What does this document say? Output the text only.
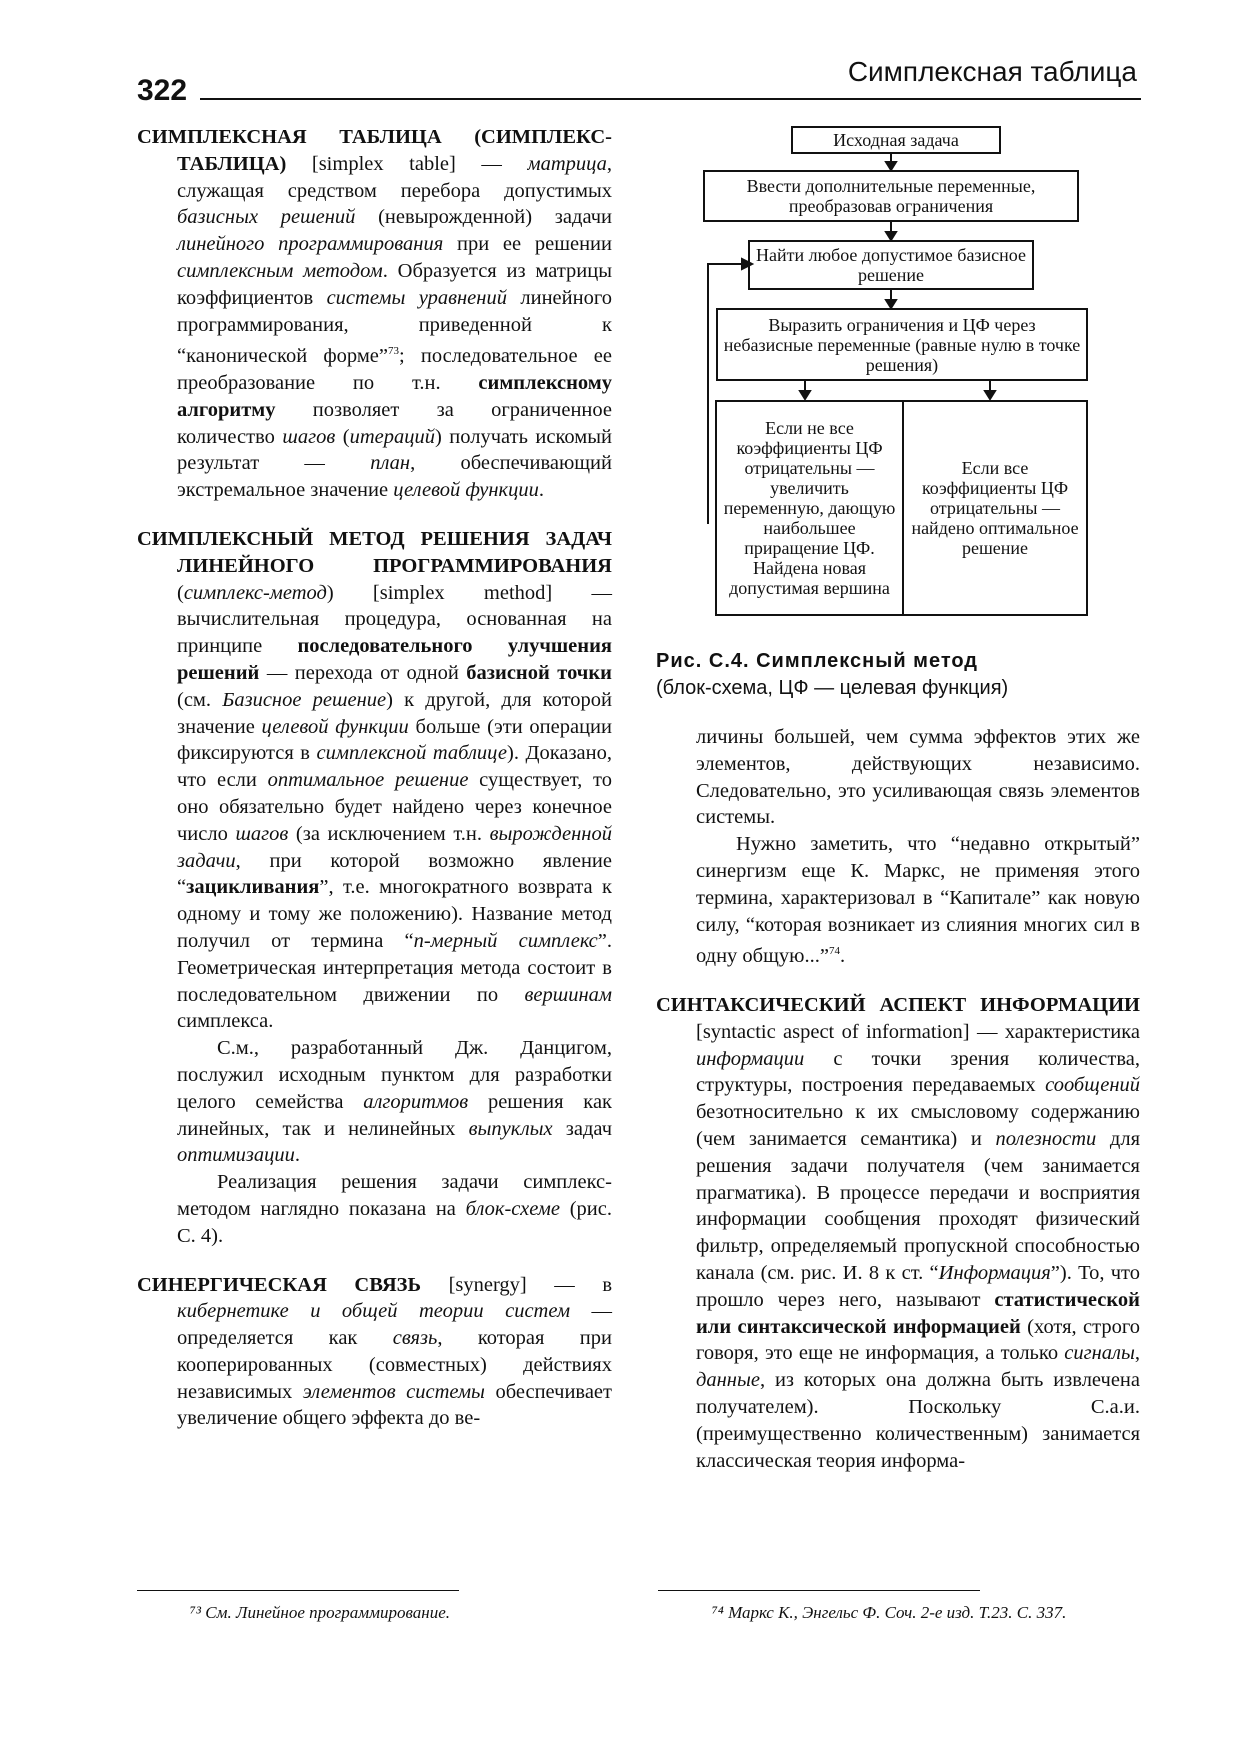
322
Симплексная таблица

СИМПЛЕКСНАЯ ТАБЛИЦА (СИМПЛЕКС-ТАБЛИЦА) [simplex table] — матрица, служащая средством перебора допустимых базисных решений (невырожденной) задачи линейного программирования при ее решении симплексным методом. Образуется из матрицы коэффициентов системы уравнений линейного программирования, приведенной к “канонической форме”$^{73}$; последовательное ее преобразование по т.н. симплексному алгоритму позволяет за ограниченное количество шагов (итераций) получать искомый результат — план, обеспечивающий экстремальное значение целевой функции.

СИМПЛЕКСНЫЙ МЕТОД РЕШЕНИЯ ЗАДАЧ ЛИНЕЙНОГО ПРОГРАММИРОВАНИЯ (симплекс-метод) [simplex method] — вычислительная процедура, основанная на принципе последовательного улучшения решений — перехода от одной базисной точки (см. Базисное решение) к другой, для которой значение целевой функции больше (эти операции фиксируются в симплексной таблице). Доказано, что если оптимальное решение существует, то оно обязательно будет найдено через конечное число шагов (за исключением т.н. вырожденной задачи, при которой возможно явление “зацикливания”, т.е. многократного возврата к одному и тому же положению). Название метод получил от термина “n-мерный симплекс”. Геометрическая интерпретация метода состоит в последовательном движении по вершинам симплекса.

С.м., разработанный Дж. Данцигом, послужил исходным пунктом для разработки целого семейства алгоритмов решения как линейных, так и нелинейных выпуклых задач оптимизации.

Реализация решения задачи симплекс-методом наглядно показана на блок-схеме (рис. С. 4).

СИНЕРГИЧЕСКАЯ СВЯЗЬ [synergy] — в кибернетике и общей теории систем — определяется как связь, которая при кооперированных (совместных) действиях независимых элементов системы обеспечивает увеличение общего эффекта до ве-

⁷³ См. Линейное программирование.
Исходная задача
Ввести дополнительные переменные, преобразовав ограничения
Найти любое допустимое базисное решение
Выразить ограничения и ЦФ через небазисные переменные (равные нулю в точке решения)
Если не все коэффициенты ЦФ отрицательны — увеличить переменную, дающую наибольшее приращение ЦФ. Найдена новая допустимая вершина
Если все коэффициенты ЦФ отрицательны — найдено оптимальное решение
Рис. С.4. Симплексный метод
(блок-схема, ЦФ — целевая функция)

личины большей, чем сумма эффектов этих же элементов, действующих независимо. Следовательно, это усиливающая связь элементов системы.

Нужно заметить, что “недавно открытый” синергизм еще К. Маркс, не применяя этого термина, характеризовал в “Капитале” как новую силу, “которая возникает из слияния многих сил в одну общую...”$^{74}$.

СИНТАКСИЧЕСКИЙ АСПЕКТ ИНФОРМАЦИИ [syntactic aspect of information] — характеристика информации с точки зрения количества, структуры, построения передаваемых сообщений безотносительно к их смысловому содержанию (чем занимается семантика) и полезности для решения задачи получателя (чем занимается прагматика). В процессе передачи и восприятия информации сообщения проходят физический фильтр, определяемый пропускной способностью канала (см. рис. И. 8 к ст. “Информация”). То, что прошло через него, называют статистической или синтаксической информацией (хотя, строго говоря, это еще не информация, а только сигналы, данные, из которых она должна быть извлечена получателем). Поскольку С.а.и. (преимущественно количественным) занимается классическая теория информа-

⁷⁴ Маркс К., Энгельс Ф. Соч. 2-е изд. Т.23. С. 337.
